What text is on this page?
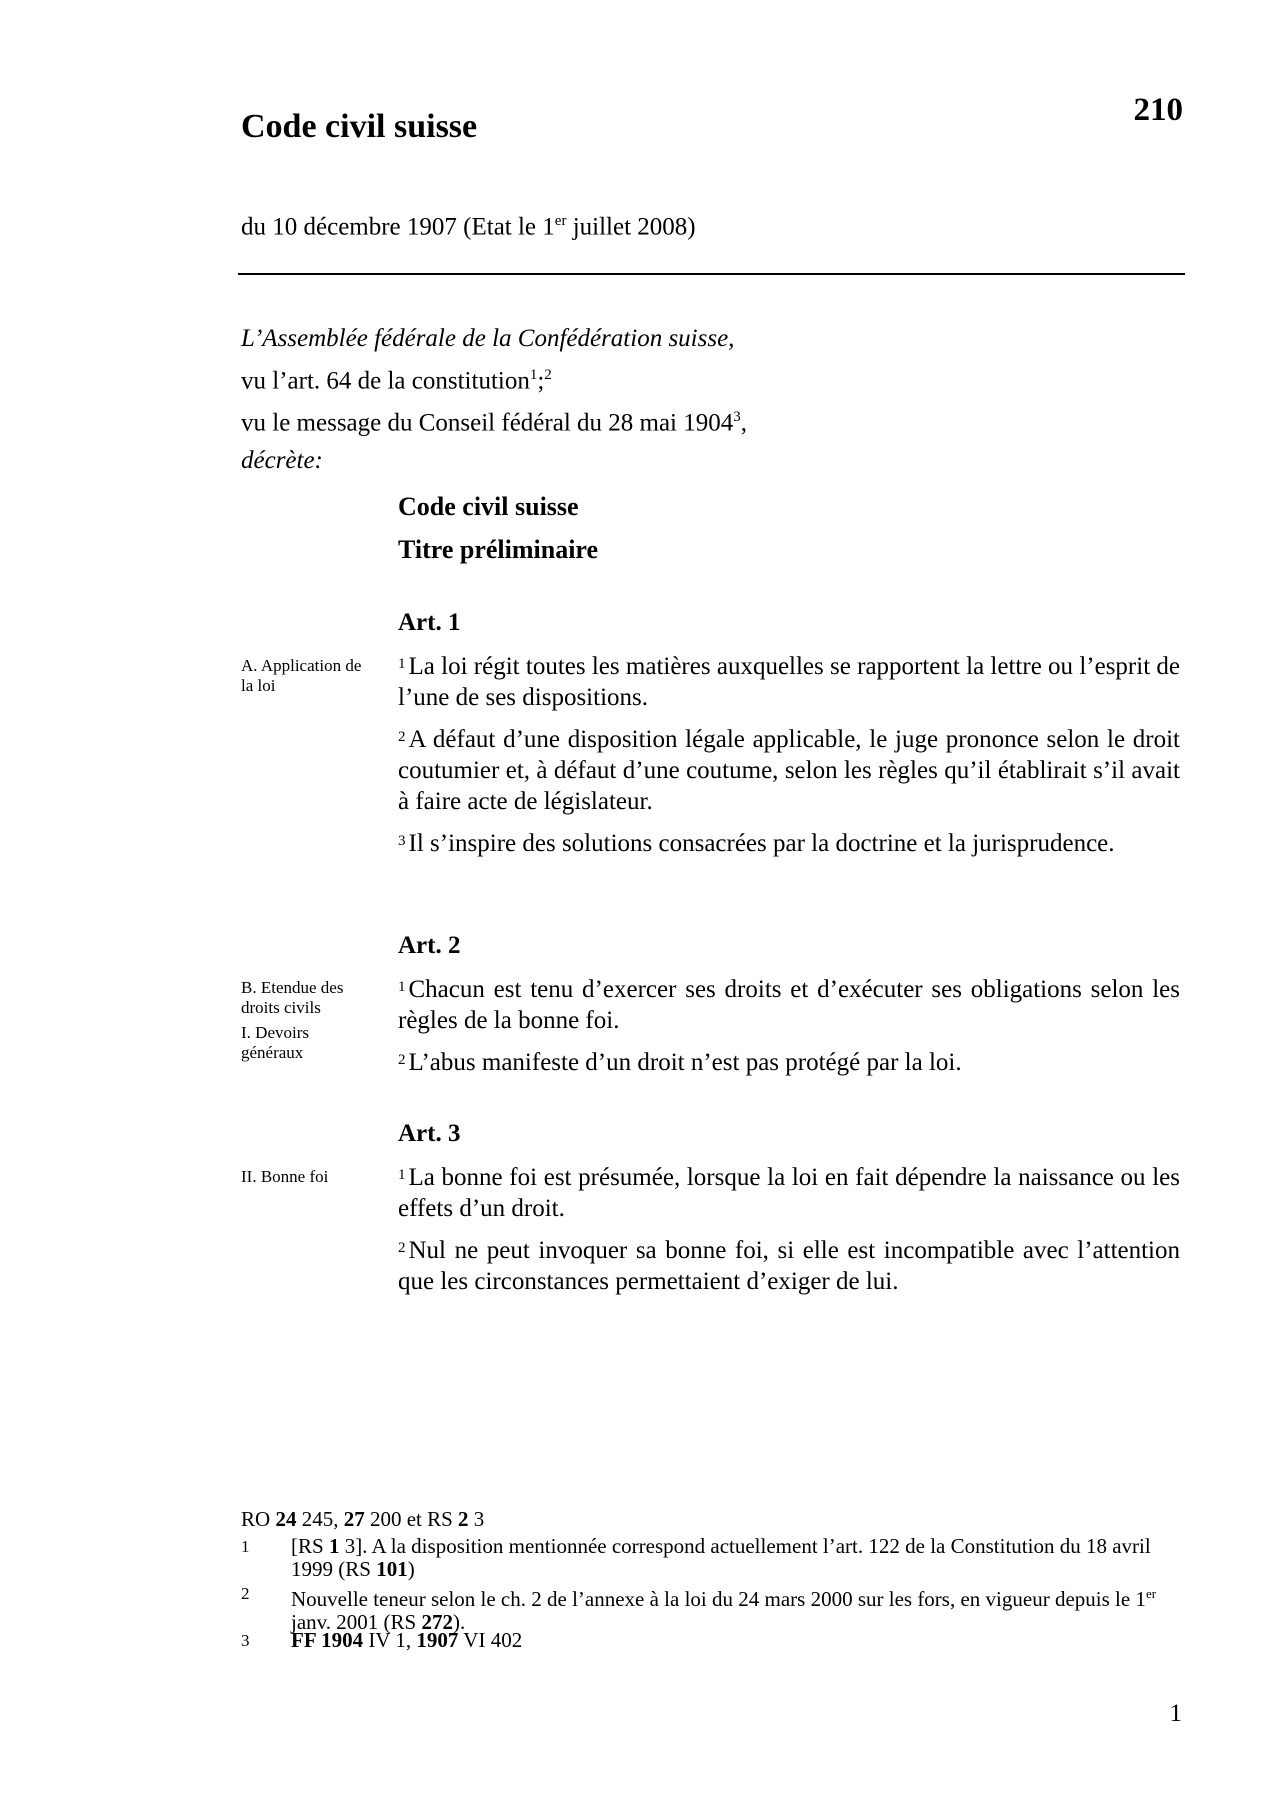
Code civil suisse	210
du 10 décembre 1907 (Etat le 1er juillet 2008)
L’Assemblée fédérale de la Confédération suisse,
vu l’art. 64 de la constitution$^1$;$^2$
vu le message du Conseil fédéral du 28 mai 1904$^3$,
décrète:
Code civil suisse
Titre préliminaire
Art. 1
A. Application de la loi
$^1$ La loi régit toutes les matières auxquelles se rapportent la lettre ou l’esprit de l’une de ses dispositions.
$^2$ A défaut d’une disposition légale applicable, le juge prononce selon le droit coutumier et, à défaut d’une coutume, selon les règles qu’il établirait s’il avait à faire acte de législateur.
$^3$ Il s’inspire des solutions consacrées par la doctrine et la jurisprudence.
Art. 2
B. Etendue des droits civils
I. Devoirs généraux
$^1$ Chacun est tenu d’exercer ses droits et d’exécuter ses obligations selon les règles de la bonne foi.
$^2$ L’abus manifeste d’un droit n’est pas protégé par la loi.
Art. 3
II. Bonne foi	$^1$ La bonne foi est présumée, lorsque la loi en fait dépendre la naissance ou les effets d’un droit.
$^2$ Nul ne peut invoquer sa bonne foi, si elle est incompatible avec l’attention que les circonstances permettaient d’exiger de lui.
RO 24 245, 27 200 et RS 2 3
1 [RS 1 3]. A la disposition mentionnée correspond actuellement l’art. 122 de la Constitution du 18 avril 1999 (RS 101)
2 Nouvelle teneur selon le ch. 2 de l’annexe à la loi du 24 mars 2000 sur les fors, en vigueur depuis le 1er janv. 2001 (RS 272).
3 FF 1904 IV 1, 1907 VI 402
1
